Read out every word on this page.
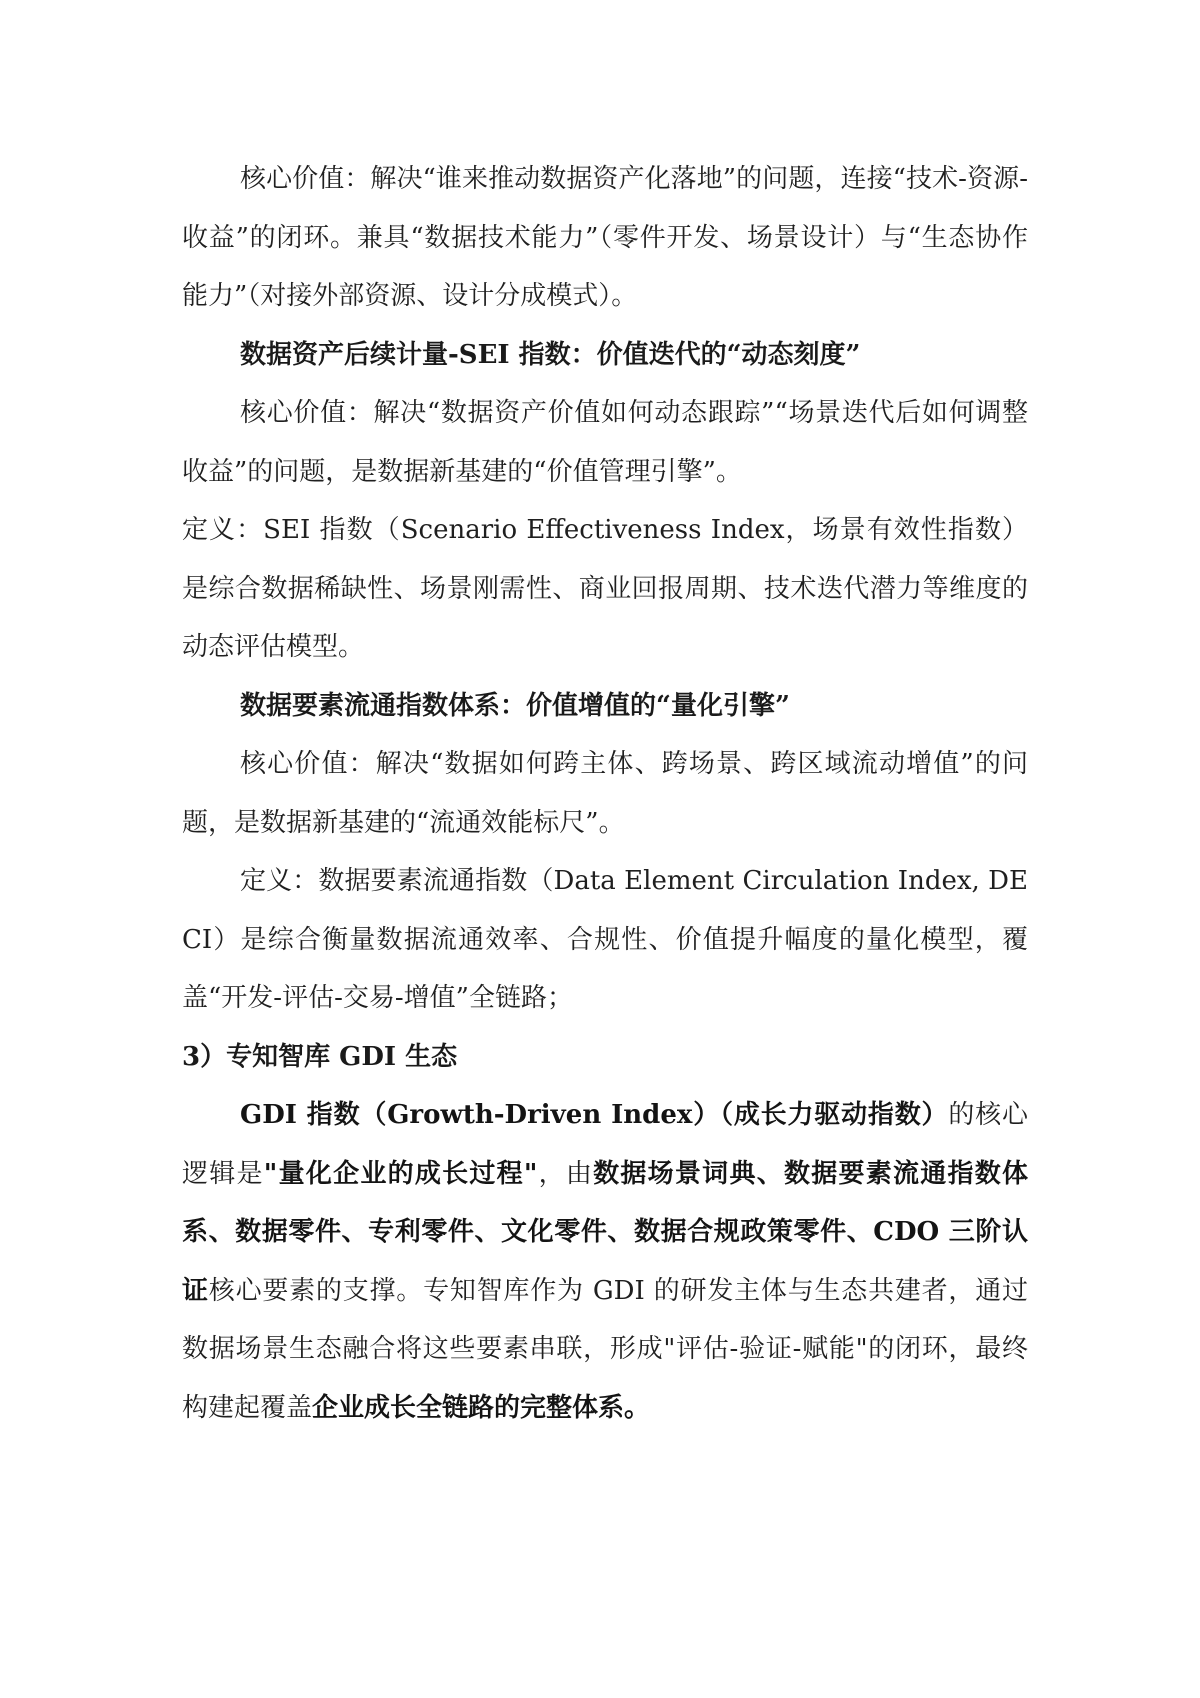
核心价值：解决“谁来推动数据资产化落地”的问题，连接“技术-资源-收益”的闭环。兼具“数据技术能力”（零件开发、场景设计）与“生态协作能力”（对接外部资源、设计分成模式）。

数据资产后续计量-SEI 指数：价值迭代的“动态刻度”

核心价值：解决“数据资产价值如何动态跟踪”“场景迭代后如何调整收益”的问题，是数据新基建的“价值管理引擎”。

定义：SEI 指数（Scenario Effectiveness Index，场景有效性指数）是综合数据稀缺性、场景刚需性、商业回报周期、技术迭代潜力等维度的动态评估模型。

数据要素流通指数体系：价值增值的“量化引擎”

核心价值：解决“数据如何跨主体、跨场景、跨区域流动增值”的问题，是数据新基建的“流通效能标尺”。

定义：数据要素流通指数（Data Element Circulation Index, DECI）是综合衡量数据流通效率、合规性、价值提升幅度的量化模型，覆盖“开发-评估-交易-增值”全链路；

3）专知智库 GDI 生态

GDI 指数（Growth-Driven Index）（成长力驱动指数）的核心逻辑是"量化企业的成长过程"，由数据场景词典、数据要素流通指数体系、数据零件、专利零件、文化零件、数据合规政策零件、CDO 三阶认证核心要素的支撑。专知智库作为 GDI 的研发主体与生态共建者，通过数据场景生态融合将这些要素串联，形成"评估-验证-赋能"的闭环，最终构建起覆盖企业成长全链路的完整体系。
